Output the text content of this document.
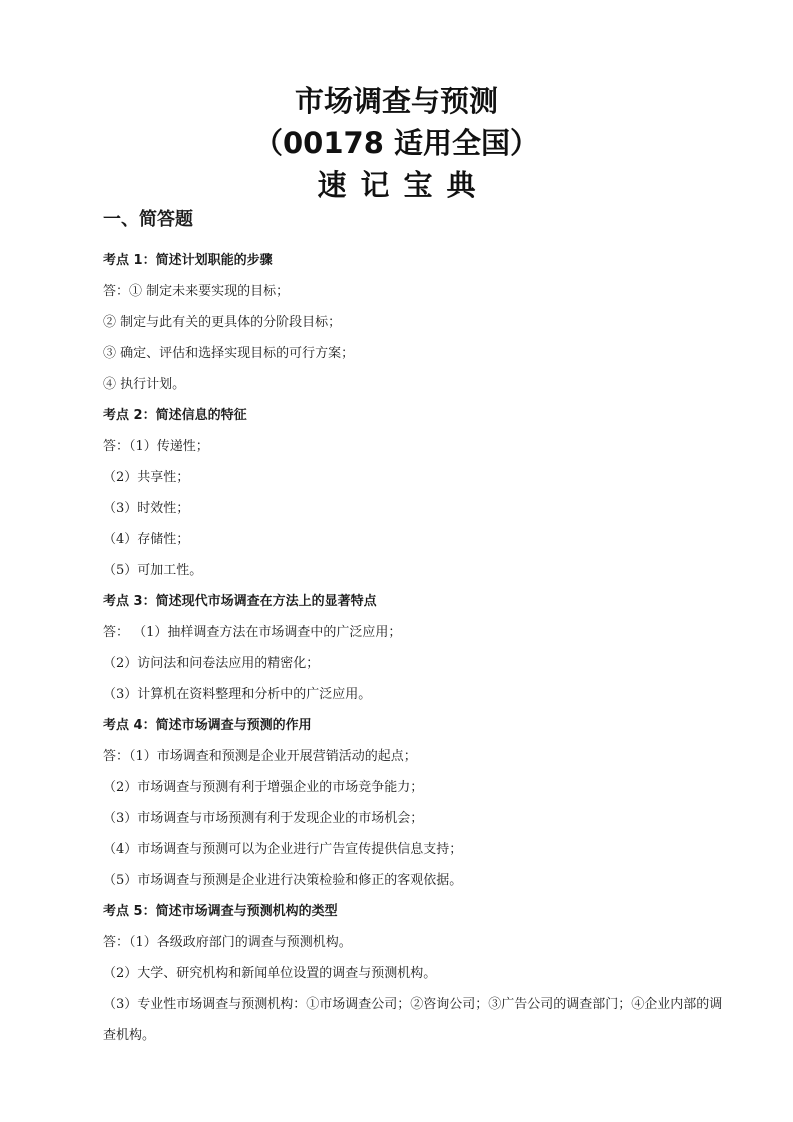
市场调查与预测
（00178 适用全国）
速记宝典
一、简答题
考点 1：简述计划职能的步骤
答：① 制定未来要实现的目标；
② 制定与此有关的更具体的分阶段目标；
③ 确定、评估和选择实现目标的可行方案；
④ 执行计划。
考点 2：简述信息的特征
答：（1）传递性；
（2）共享性；
（3）时效性；
（4）存储性；
（5）可加工性。
考点 3：简述现代市场调查在方法上的显著特点
答： （1）抽样调查方法在市场调查中的广泛应用；
（2）访问法和问卷法应用的精密化；
（3）计算机在资料整理和分析中的广泛应用。
考点 4：简述市场调查与预测的作用
答：（1）市场调查和预测是企业开展营销活动的起点；
（2）市场调查与预测有利于增强企业的市场竞争能力；
（3）市场调查与市场预测有利于发现企业的市场机会；
（4）市场调查与预测可以为企业进行广告宣传提供信息支持；
（5）市场调查与预测是企业进行决策检验和修正的客观依据。
考点 5：简述市场调查与预测机构的类型
答：（1）各级政府部门的调查与预测机构。
（2）大学、研究机构和新闻单位设置的调查与预测机构。
（3）专业性市场调查与预测机构：①市场调查公司；②咨询公司；③广告公司的调查部门；④企业内部的调查机构。
